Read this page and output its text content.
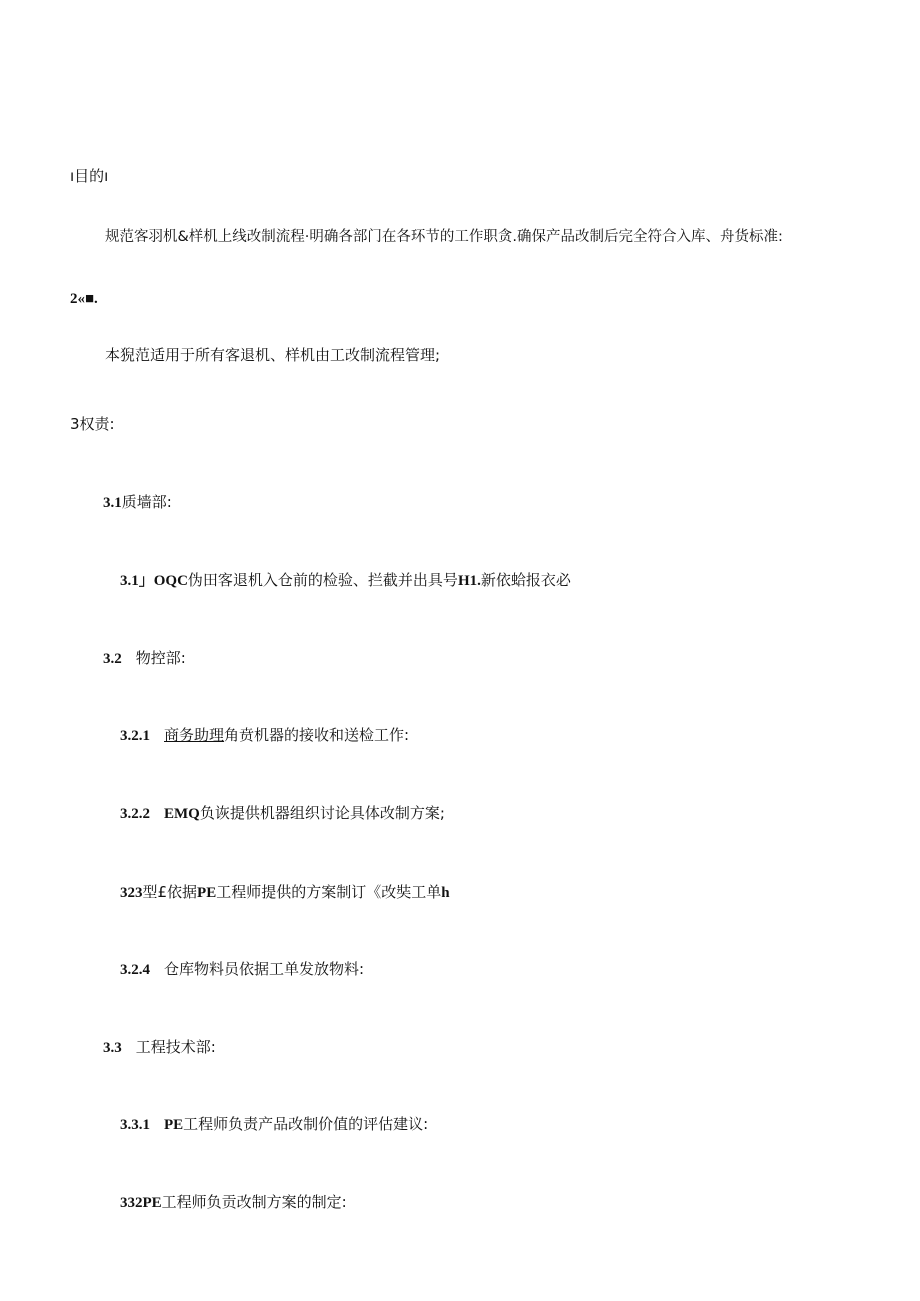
ı目的ı
规范客羽机&样机上线改制流程·明确各部门在各环节的工作职贪.确保产品改制后完全符合入库、舟货标准:
2«■.
本猊范适用于所有客退机、样机由工改制流程管理;
3权责:
3.1质墙部:
3.1」OQC伪田客退机入仓前的检验、拦截并出具号H1.新依蛤报衣必
3.2 物控部:
3.2.1 商务助理角贲机器的接收和送检工作:
3.2.2 EMQ负诙提供机器组织讨论具体改制方案;
323型£依据PE工程师提供的方案制订《改奘工单h
3.2.4 仓库物料员依据工单发放物料:
3.3 工程技术部:
3.3.1 PE工程师负责产品改制价值的评估建议:
332PE工程师负贡改制方案的制定:
